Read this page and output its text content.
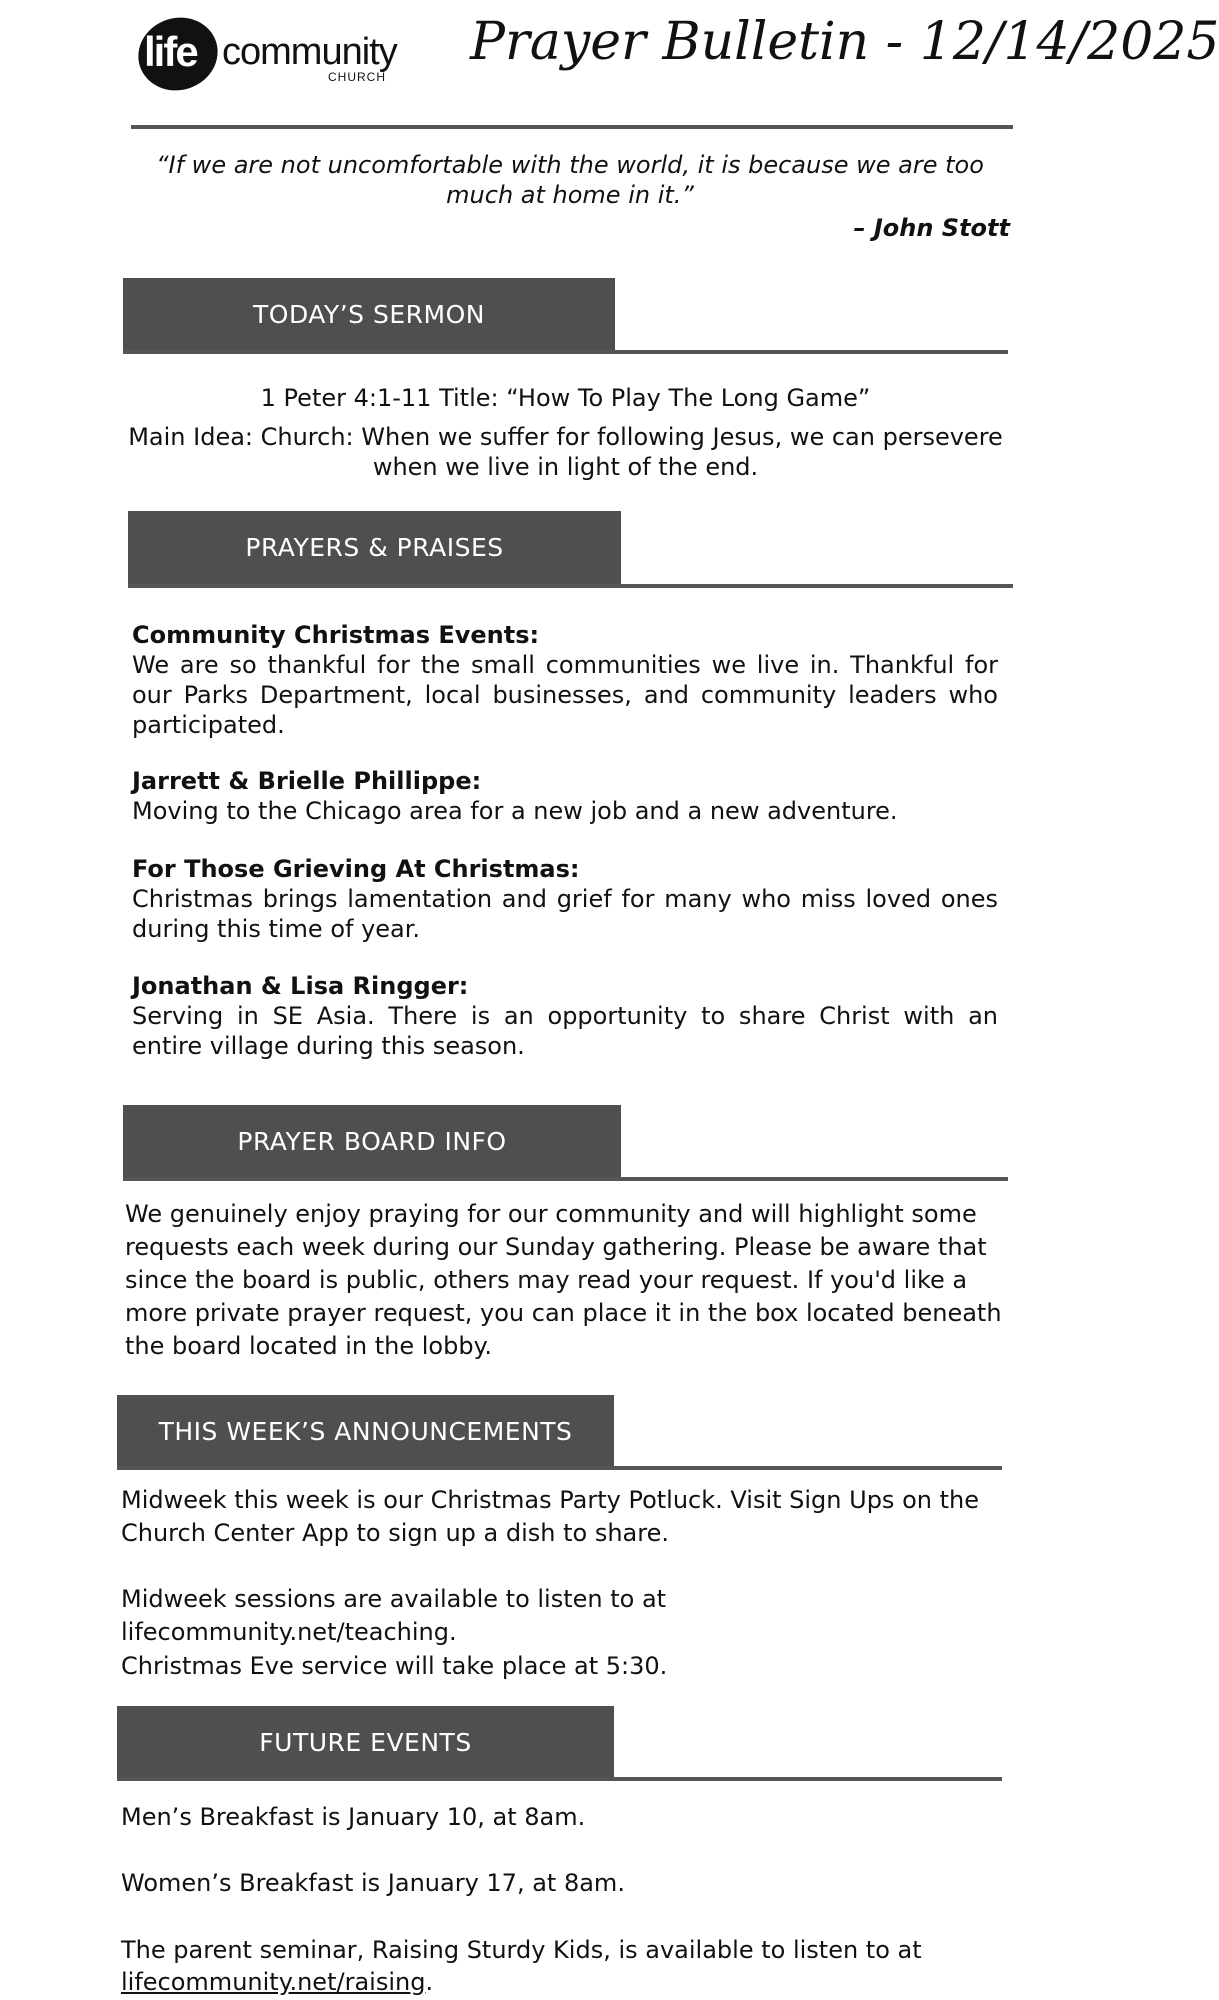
life community
CHURCH
Prayer Bulletin - 12/14/2025
“If we are not uncomfortable with the world, it is because we are too much at home in it.”
– John Stott
TODAY’S SERMON
1 Peter 4:1-11 Title: “How To Play The Long Game”
Main Idea: Church: When we suffer for following Jesus, we can persevere when we live in light of the end.
PRAYERS & PRAISES
Community Christmas Events:
We are so thankful for the small communities we live in. Thankful for our Parks Department, local businesses, and community leaders who participated.
Jarrett & Brielle Phillippe:
Moving to the Chicago area for a new job and a new adventure.
For Those Grieving At Christmas:
Christmas brings lamentation and grief for many who miss loved ones during this time of year.
Jonathan & Lisa Ringger:
Serving in SE Asia. There is an opportunity to share Christ with an entire village during this season.
PRAYER BOARD INFO
We genuinely enjoy praying for our community and will highlight some requests each week during our Sunday gathering. Please be aware that since the board is public, others may read your request. If you'd like a more private prayer request, you can place it in the box located beneath the board located in the lobby.
THIS WEEK’S ANNOUNCEMENTS
Midweek this week is our Christmas Party Potluck. Visit Sign Ups on the Church Center App to sign up a dish to share.
Midweek sessions are available to listen to at lifecommunity.net/teaching.
Christmas Eve service will take place at 5:30.
FUTURE EVENTS
Men’s Breakfast is January 10, at 8am.
Women’s Breakfast is January 17, at 8am.
The parent seminar, Raising Sturdy Kids, is available to listen to at lifecommunity.net/raising.
